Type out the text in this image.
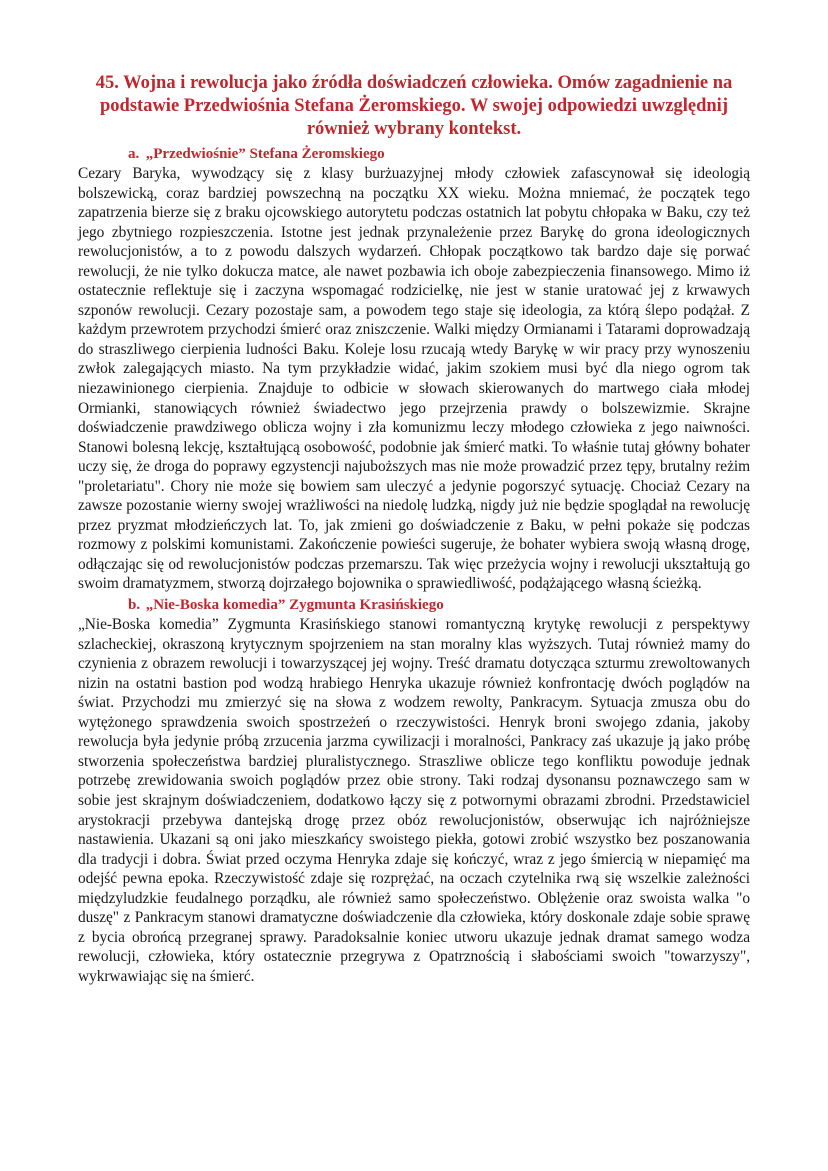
45. Wojna i rewolucja jako źródła doświadczeń człowieka. Omów zagadnienie na podstawie Przedwiośnia Stefana Żeromskiego. W swojej odpowiedzi uwzględnij również wybrany kontekst.
a. „Przedwiośnie” Stefana Żeromskiego

Cezary Baryka, wywodzący się z klasy burżuazyjnej młody człowiek zafascynował się ideologią bolszewicką, coraz bardziej powszechną na początku XX wieku. Można mniemać, że początek tego zapatrzenia bierze się z braku ojcowskiego autorytetu podczas ostatnich lat pobytu chłopaka w Baku, czy też jego zbytniego rozpieszczenia. Istotne jest jednak przynależenie przez Barykę do grona ideologicznych rewolucjonistów, a to z powodu dalszych wydarzeń. Chłopak początkowo tak bardzo daje się porwać rewolucji, że nie tylko dokucza matce, ale nawet pozbawia ich oboje zabezpieczenia finansowego. Mimo iż ostatecznie reflektuje się i zaczyna wspomagać rodzicielkę, nie jest w stanie uratować jej z krwawych szponów rewolucji. Cezary pozostaje sam, a powodem tego staje się ideologia, za którą ślepo podążał. Z każdym przewrotem przychodzi śmierć oraz zniszczenie. Walki między Ormianami i Tatarami doprowadzają do straszliwego cierpienia ludności Baku. Koleje losu rzucają wtedy Barykę w wir pracy przy wynoszeniu zwłok zalegających miasto. Na tym przykładzie widać, jakim szokiem musi być dla niego ogrom tak niezawinionego cierpienia. Znajduje to odbicie w słowach skierowanych do martwego ciała młodej Ormianki, stanowiących również świadectwo jego przejrzenia prawdy o bolszewizmie. Skrajne doświadczenie prawdziwego oblicza wojny i zła komunizmu leczy młodego człowieka z jego naiwności. Stanowi bolesną lekcję, kształtującą osobowość, podobnie jak śmierć matki. To właśnie tutaj główny bohater uczy się, że droga do poprawy egzystencji najuboższych mas nie może prowadzić przez tępy, brutalny reżim "proletariatu". Chory nie może się bowiem sam uleczyć a jedynie pogorszyć sytuację. Chociaż Cezary na zawsze pozostanie wierny swojej wrażliwości na niedolę ludzką, nigdy już nie będzie spoglądał na rewolucję przez pryzmat młodzieńczych lat. To, jak zmieni go doświadczenie z Baku, w pełni pokaże się podczas rozmowy z polskimi komunistami. Zakończenie powieści sugeruje, że bohater wybiera swoją własną drogę, odłączając się od rewolucjonistów podczas przemarszu. Tak więc przeżycia wojny i rewolucji ukształtują go swoim dramatyzmem, stworzą dojrzałego bojownika o sprawiedliwość, podążającego własną ścieżką.

b. „Nie-Boska komedia” Zygmunta Krasińskiego

„Nie-Boska komedia” Zygmunta Krasińskiego stanowi romantyczną krytykę rewolucji z perspektywy szlacheckiej, okraszoną krytycznym spojrzeniem na stan moralny klas wyższych. Tutaj również mamy do czynienia z obrazem rewolucji i towarzyszącej jej wojny. Treść dramatu dotycząca szturmu zrewoltowanych nizin na ostatni bastion pod wodzą hrabiego Henryka ukazuje również konfrontację dwóch poglądów na świat. Przychodzi mu zmierzyć się na słowa z wodzem rewolty, Pankracym. Sytuacja zmusza obu do wytężonego sprawdzenia swoich spostrzeżeń o rzeczywistości. Henryk broni swojego zdania, jakoby rewolucja była jedynie próbą zrzucenia jarzma cywilizacji i moralności, Pankracy zaś ukazuje ją jako próbę stworzenia społeczeństwa bardziej pluralistycznego. Straszliwe oblicze tego konfliktu powoduje jednak potrzebę zrewidowania swoich poglądów przez obie strony. Taki rodzaj dysonansu poznawczego sam w sobie jest skrajnym doświadczeniem, dodatkowo łączy się z potwornymi obrazami zbrodni. Przedstawiciel arystokracji przebywa dantejską drogę przez obóz rewolucjonistów, obserwując ich najróżniejsze nastawienia. Ukazani są oni jako mieszkańcy swoistego piekła, gotowi zrobić wszystko bez poszanowania dla tradycji i dobra. Świat przed oczyma Henryka zdaje się kończyć, wraz z jego śmiercią w niepamięć ma odejść pewna epoka. Rzeczywistość zdaje się rozprężać, na oczach czytelnika rwą się wszelkie zależności międzyludzkie feudalnego porządku, ale również samo społeczeństwo. Oblężenie oraz swoista walka "o duszę" z Pankracym stanowi dramatyczne doświadczenie dla człowieka, który doskonale zdaje sobie sprawę z bycia obrońcą przegranej sprawy. Paradoksalnie koniec utworu ukazuje jednak dramat samego wodza rewolucji, człowieka, który ostatecznie przegrywa z Opatrznością i słabościami swoich "towarzyszy", wykrwawiając się na śmierć.
